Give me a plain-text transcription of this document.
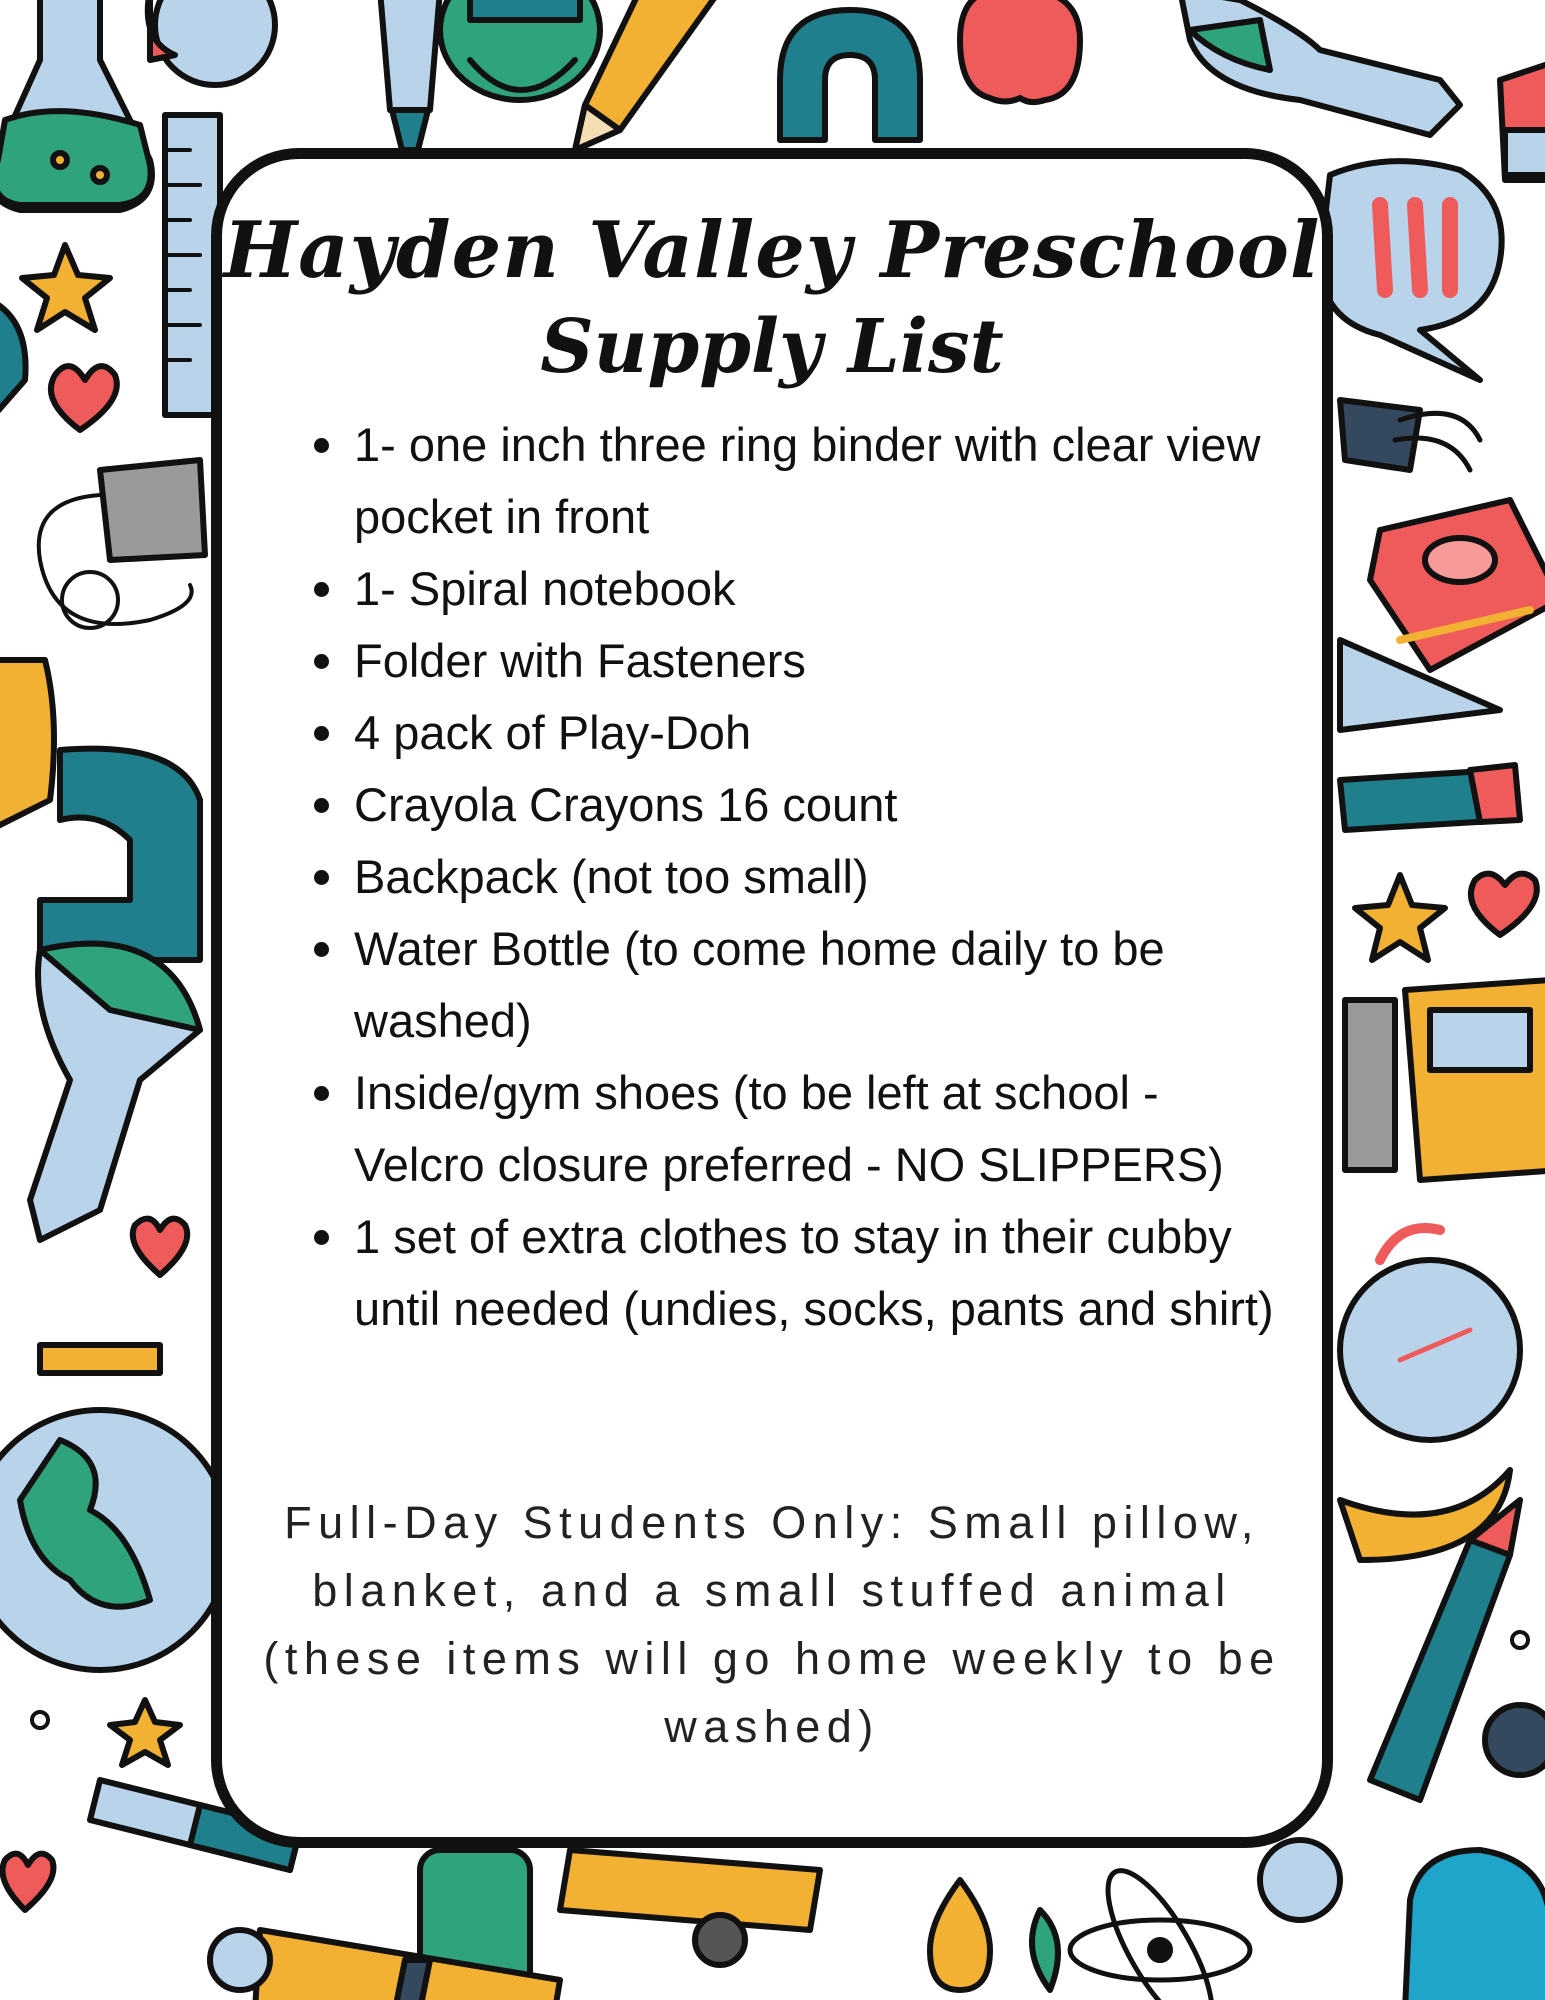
Hayden Valley Preschool
Supply List
1- one inch three ring binder with clear view pocket in front
1- Spiral notebook
Folder with Fasteners
4 pack of Play-Doh
Crayola Crayons 16 count
Backpack (not too small)
Water Bottle (to come home daily to be washed)
Inside/gym shoes (to be left at school - Velcro closure preferred - NO SLIPPERS)
1 set of extra clothes to stay in their cubby until needed (undies, socks, pants and shirt)
Full-Day Students Only: Small pillow, blanket, and a small stuffed animal (these items will go home weekly to be washed)
